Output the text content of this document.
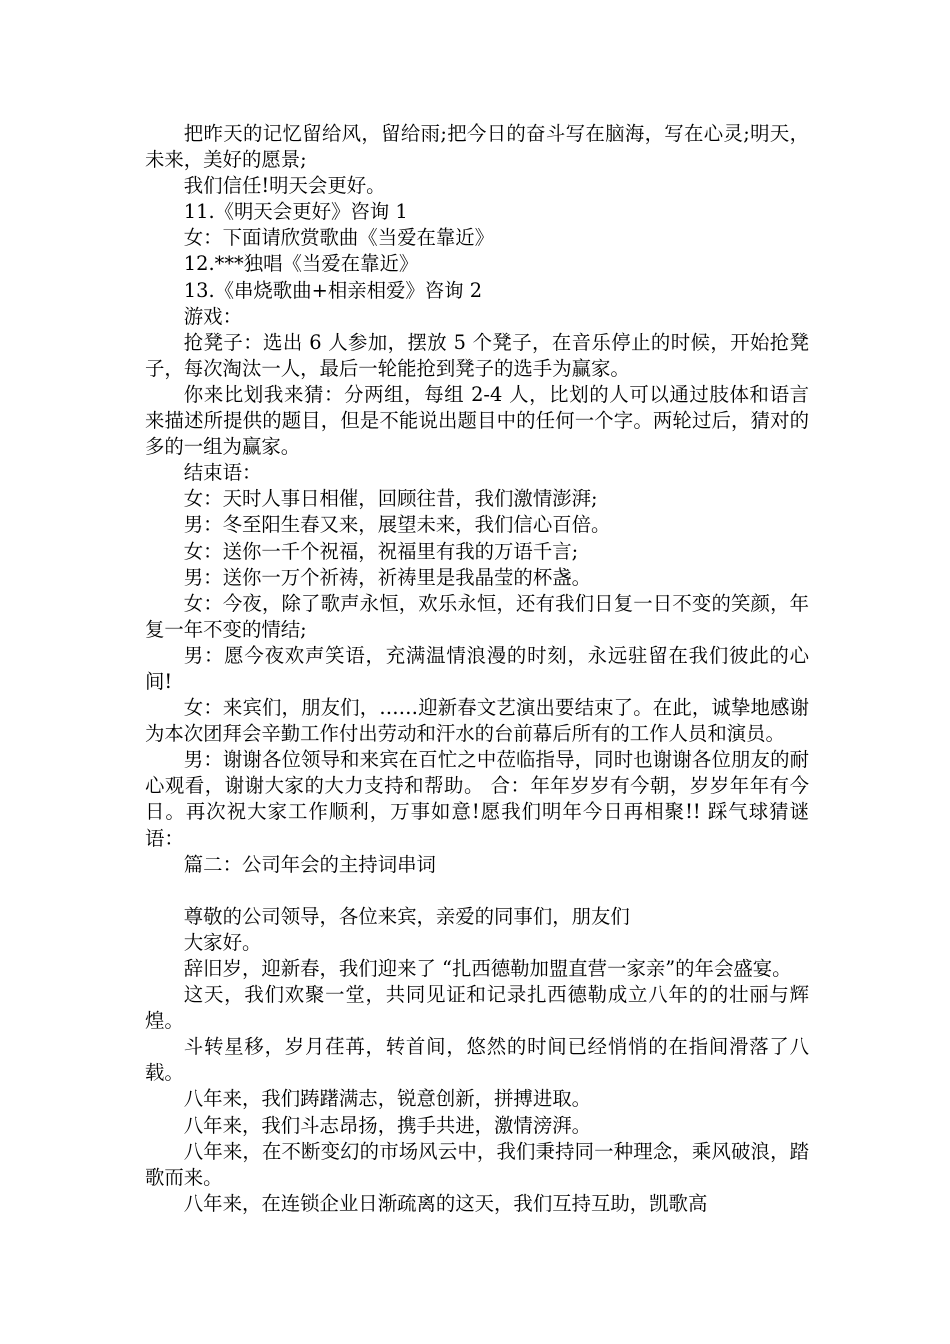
把昨天的记忆留给风，留给雨;把今日的奋斗写在脑海，写在心灵;明天，未来，美好的愿景;

我们信任!明天会更好。

11.《明天会更好》咨询 1

女：下面请欣赏歌曲《当爱在靠近》

12.***独唱《当爱在靠近》

13.《串烧歌曲+相亲相爱》咨询 2

游戏：

抢凳子：选出 6 人参加，摆放 5 个凳子，在音乐停止的时候，开始抢凳子，每次淘汰一人，最后一轮能抢到凳子的选手为赢家。

你来比划我来猜：分两组，每组 2-4 人，比划的人可以通过肢体和语言来描述所提供的题目，但是不能说出题目中的任何一个字。两轮过后，猜对的多的一组为赢家。

结束语：

女：天时人事日相催，回顾往昔，我们激情澎湃;

男：冬至阳生春又来，展望未来，我们信心百倍。

女：送你一千个祝福，祝福里有我的万语千言;

男：送你一万个祈祷，祈祷里是我晶莹的杯盏。

女：今夜，除了歌声永恒，欢乐永恒，还有我们日复一日不变的笑颜，年复一年不变的情结;

男：愿今夜欢声笑语，充满温情浪漫的时刻，永远驻留在我们彼此的心间!

女：来宾们，朋友们，……迎新春文艺演出要结束了。在此，诚挚地感谢为本次团拜会辛勤工作付出劳动和汗水的台前幕后所有的工作人员和演员。

男：谢谢各位领导和来宾在百忙之中莅临指导，同时也谢谢各位朋友的耐心观看，谢谢大家的大力支持和帮助。 合：年年岁岁有今朝，岁岁年年有今日。再次祝大家工作顺利，万事如意!愿我们明年今日再相聚!! 踩气球猜谜语：

篇二：公司年会的主持词串词

尊敬的公司领导，各位来宾，亲爱的同事们，朋友们

大家好。

辞旧岁，迎新春，我们迎来了 “扎西德勒加盟直营一家亲”的年会盛宴。

这天，我们欢聚一堂，共同见证和记录扎西德勒成立八年的的壮丽与辉煌。

斗转星移，岁月荏苒，转首间，悠然的时间已经悄悄的在指间滑落了八载。

八年来，我们踌躇满志，锐意创新，拼搏进取。

八年来，我们斗志昂扬，携手共进，激情滂湃。

八年来，在不断变幻的市场风云中，我们秉持同一种理念，乘风破浪，踏歌而来。

八年来，在连锁企业日渐疏离的这天，我们互持互助，凯歌高
